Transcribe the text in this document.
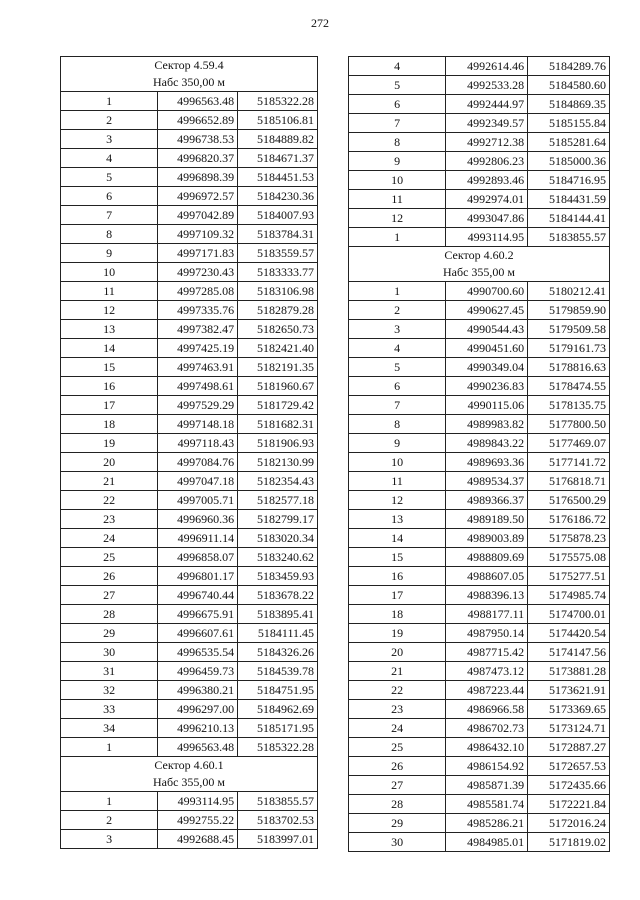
272
Сектор 4.59.4
Набс 350,00 м		

1	4996563.48	5185322.28
2	4996652.89	5185106.81
3	4996738.53	5184889.82
4	4996820.37	5184671.37
5	4996898.39	5184451.53
6	4996972.57	5184230.36
7	4997042.89	5184007.93
8	4997109.32	5183784.31
9	4997171.83	5183559.57
10	4997230.43	5183333.77
11	4997285.08	5183106.98
12	4997335.76	5182879.28
13	4997382.47	5182650.73
14	4997425.19	5182421.40
15	4997463.91	5182191.35
16	4997498.61	5181960.67
17	4997529.29	5181729.42
18	4997148.18	5181682.31
19	4997118.43	5181906.93
20	4997084.76	5182130.99
21	4997047.18	5182354.43
22	4997005.71	5182577.18
23	4996960.36	5182799.17
24	4996911.14	5183020.34
25	4996858.07	5183240.62
26	4996801.17	5183459.93
27	4996740.44	5183678.22
28	4996675.91	5183895.41
29	4996607.61	5184111.45
30	4996535.54	5184326.26
31	4996459.73	5184539.78
32	4996380.21	5184751.95
33	4996297.00	5184962.69
34	4996210.13	5185171.95
1	4996563.48	5185322.28

Сектор 4.60.1
Набс 355,00 м		

1	4993114.95	5183855.57
2	4992755.22	5183702.53
3	4992688.45	5183997.01
4	4992614.46	5184289.76
5	4992533.28	5184580.60
6	4992444.97	5184869.35
7	4992349.57	5185155.84
8	4992712.38	5185281.64
9	4992806.23	5185000.36
10	4992893.46	5184716.95
11	4992974.01	5184431.59
12	4993047.86	5184144.41
1	4993114.95	5183855.57

Сектор 4.60.2
Набс 355,00 м		

1	4990700.60	5180212.41
2	4990627.45	5179859.90
3	4990544.43	5179509.58
4	4990451.60	5179161.73
5	4990349.04	5178816.63
6	4990236.83	5178474.55
7	4990115.06	5178135.75
8	4989983.82	5177800.50
9	4989843.22	5177469.07
10	4989693.36	5177141.72
11	4989534.37	5176818.71
12	4989366.37	5176500.29
13	4989189.50	5176186.72
14	4989003.89	5175878.23
15	4988809.69	5175575.08
16	4988607.05	5175277.51
17	4988396.13	5174985.74
18	4988177.11	5174700.01
19	4987950.14	5174420.54
20	4987715.42	5174147.56
21	4987473.12	5173881.28
22	4987223.44	5173621.91
23	4986966.58	5173369.65
24	4986702.73	5173124.71
25	4986432.10	5172887.27
26	4986154.92	5172657.53
27	4985871.39	5172435.66
28	4985581.74	5172221.84
29	4985286.21	5172016.24
30	4984985.01	5171819.02
